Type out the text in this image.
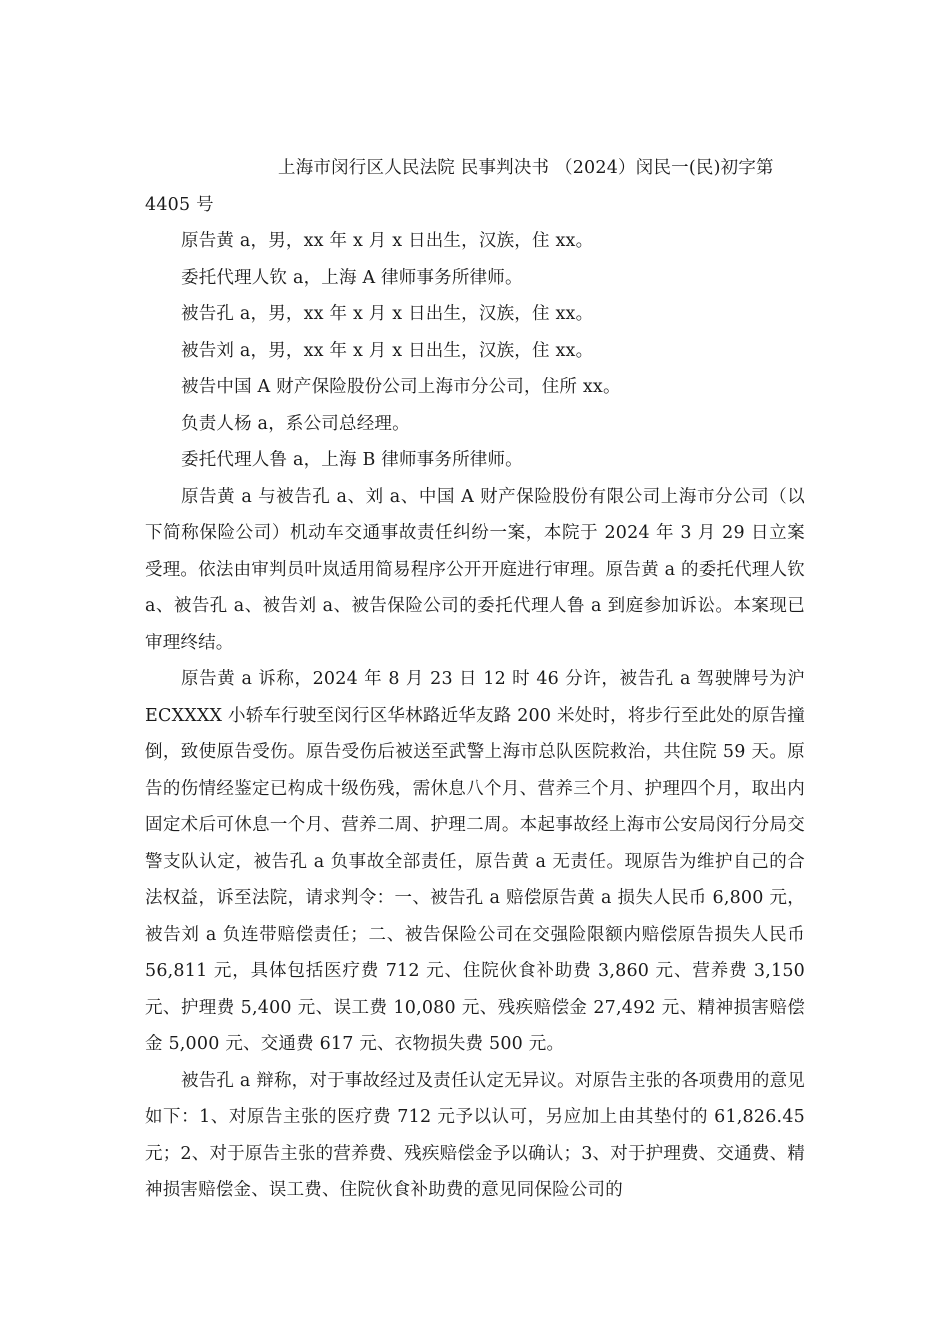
上海市闵行区人民法院 民事判决书 （2024）闵民一(民)初字第

4405 号

原告黄 a，男，xx 年 x 月 x 日出生，汉族，住 xx。

委托代理人钦 a，上海 A 律师事务所律师。

被告孔 a，男，xx 年 x 月 x 日出生，汉族，住 xx。

被告刘 a，男，xx 年 x 月 x 日出生，汉族，住 xx。

被告中国 A 财产保险股份公司上海市分公司，住所 xx。

负责人杨 a，系公司总经理。

委托代理人鲁 a，上海 B 律师事务所律师。

原告黄 a 与被告孔 a、刘 a、中国 A 财产保险股份有限公司上海市分公司（以下简称保险公司）机动车交通事故责任纠纷一案，本院于 2024 年 3 月 29 日立案受理。依法由审判员叶岚适用简易程序公开开庭进行审理。原告黄 a 的委托代理人钦 a、被告孔 a、被告刘 a、被告保险公司的委托代理人鲁 a 到庭参加诉讼。本案现已审理终结。

原告黄 a 诉称，2024 年 8 月 23 日 12 时 46 分许，被告孔 a 驾驶牌号为沪 ECXXXX 小轿车行驶至闵行区华林路近华友路 200 米处时，将步行至此处的原告撞倒，致使原告受伤。原告受伤后被送至武警上海市总队医院救治，共住院 59 天。原告的伤情经鉴定已构成十级伤残，需休息八个月、营养三个月、护理四个月，取出内固定术后可休息一个月、营养二周、护理二周。本起事故经上海市公安局闵行分局交警支队认定，被告孔 a 负事故全部责任，原告黄 a 无责任。现原告为维护自己的合法权益，诉至法院，请求判令：一、被告孔 a 赔偿原告黄 a 损失人民币 6,800 元，被告刘 a 负连带赔偿责任；二、被告保险公司在交强险限额内赔偿原告损失人民币 56,811 元，具体包括医疗费 712 元、住院伙食补助费 3,860 元、营养费 3,150 元、护理费 5,400 元、误工费 10,080 元、残疾赔偿金 27,492 元、精神损害赔偿金 5,000 元、交通费 617 元、衣物损失费 500 元。

被告孔 a 辩称，对于事故经过及责任认定无异议。对原告主张的各项费用的意见如下：1、对原告主张的医疗费 712 元予以认可，另应加上由其垫付的 61,826.45 元；2、对于原告主张的营养费、残疾赔偿金予以确认；3、对于护理费、交通费、精神损害赔偿金、误工费、住院伙食补助费的意见同保险公司的
